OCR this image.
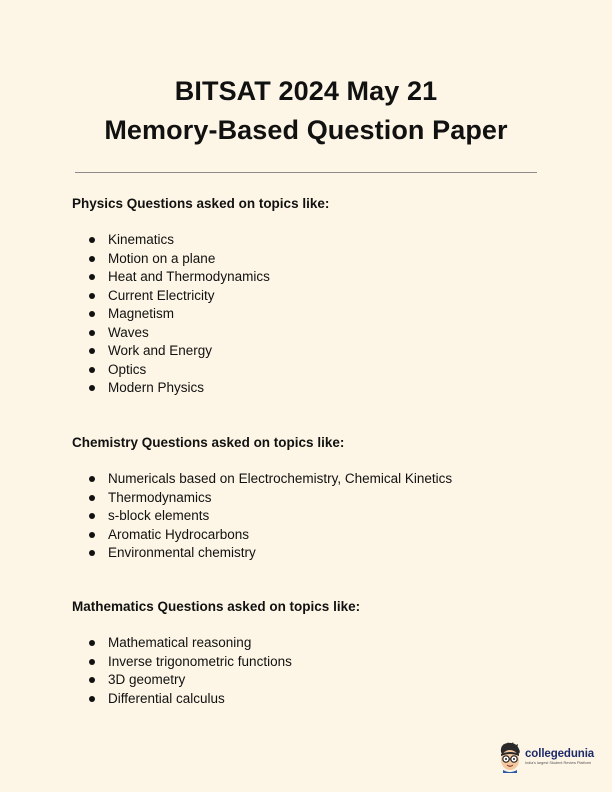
BITSAT 2024 May 21
Memory-Based Question Paper
Physics Questions asked on topics like:
Kinematics
Motion on a plane
Heat and Thermodynamics
Current Electricity
Magnetism
Waves
Work and Energy
Optics
Modern Physics
Chemistry Questions asked on topics like:
Numericals based on Electrochemistry, Chemical Kinetics
Thermodynamics
s-block elements
Aromatic Hydrocarbons
Environmental chemistry
Mathematics Questions asked on topics like:
Mathematical reasoning
Inverse trigonometric functions
3D geometry
Differential calculus
collegedunia
India's largest Student Review Platform
